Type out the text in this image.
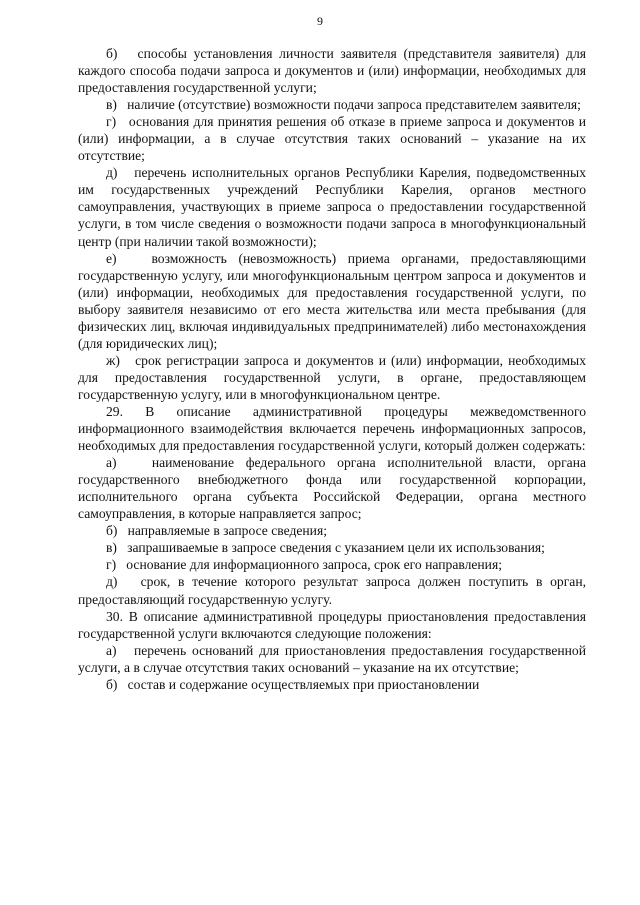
9

б)   способы установления личности заявителя (представителя заявителя) для каждого способа подачи запроса и документов и (или) информации, необходимых для предоставления государственной услуги;

в)   наличие (отсутствие) возможности подачи запроса представителем заявителя;

г)   основания для принятия решения об отказе в приеме запроса и документов и (или) информации, а в случае отсутствия таких оснований – указание на их отсутствие;

д)   перечень исполнительных органов Республики Карелия, подведомственных им государственных учреждений Республики Карелия, органов местного самоуправления, участвующих в приеме запроса о предоставлении государственной услуги, в том числе сведения о возможности подачи запроса в многофункциональный центр (при наличии такой возможности);

е)   возможность (невозможность) приема органами, предоставляющими государственную услугу, или многофункциональным центром запроса и документов и (или) информации, необходимых для предоставления государственной услуги, по выбору заявителя независимо от его места жительства или места пребывания (для физических лиц, включая индивидуальных предпринимателей) либо местонахождения (для юридических лиц);

ж)   срок регистрации запроса и документов и (или) информации, необходимых для предоставления государственной услуги, в органе, предоставляющем государственную услугу, или в многофункциональном центре.

29. В описание административной процедуры межведомственного информационного взаимодействия включается перечень информационных запросов, необходимых для предоставления государственной услуги, который должен содержать:

а)   наименование федерального органа исполнительной власти, органа государственного внебюджетного фонда или государственной корпорации, исполнительного органа субъекта Российской Федерации, органа местного самоуправления, в которые направляется запрос;

б)   направляемые в запросе сведения;

в)   запрашиваемые в запросе сведения с указанием цели их использования;

г)   основание для информационного запроса, срок его направления;

д)   срок, в течение которого результат запроса должен поступить в орган, предоставляющий государственную услугу.

30. В описание административной процедуры приостановления предоставления государственной услуги включаются следующие положения:

а)   перечень оснований для приостановления предоставления государственной услуги, а в случае отсутствия таких оснований – указание на их отсутствие;

б)   состав и содержание осуществляемых при приостановлении
